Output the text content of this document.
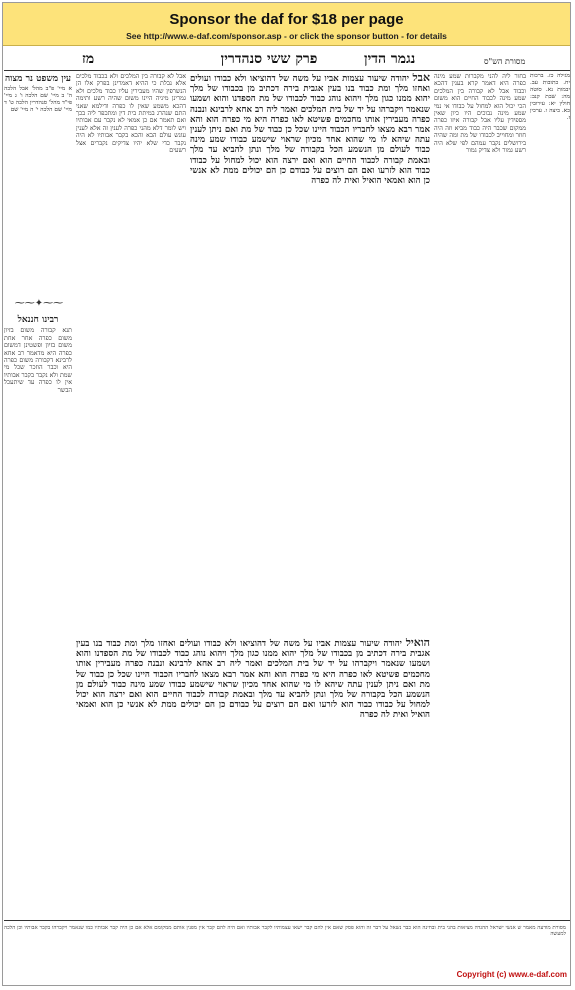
Sponsor the daf for $18 per page
See http://www.e-daf.com/sponsor.asp - or click the sponsor button - for details
מז	פרק ששי סנהדרין	נגמר הדין	מסורת הש"ס
עין משפט נר מצוה
א מיי' פ"ב מהל' אבל הלכה ה' ב מיי' שם הלכה ו' ג מיי' פי"ד מהל' סנהדרין הלכה ט' ד מיי' שם הלכה י' ה מיי' שם
⁓⁓✦⁓⁓
רבינו חננאל
תנא קבורה משום בזיון משום כפרה אחר אחת משום בזיון ופשטינן דמשום כפרה היא מדאמר רב אחא לרבינא דקבורה משום כפרה היא וכבר הוזכר שכל מי שמת ולא נקבר בקבר אבותיו אין לו כפרה עד שיתעכל הבשר
אבל לא קבורה בין המלכים ולא בכבוד מלכים אלא נבלת כי ההיא דאמרינן בפרק אלו הן הנשרפין שהיו מעבירין עליו כבוד מלכים ולא גמרינן מיניה היינו משום שהיה רשע ותימה דהכא משמע שאין לו כפרה ודילמא שאני התם שנהרג במיתת בית דין ומתכפר ליה בכך ואם תאמר אם כן אמאי לא נקבר עם אבותיו ויש לומר דלא מהני כפרה לענין זה אלא לענין עונש עולם הבא והכא בקבר אבותיו לא היה נקבר כדי שלא יהיו צדיקים נקברים אצל רשעים
אבל יהודה שיעור עצמות אביו על משה של דהוציאו ולא כבודו ועולים ואחזו מלך ומת כבוד בנו בעין אגבית בירה דכתיב מן בכבודו של מלך יהוא ממנו כגון מלך ויהוא נוהג כבוד לכבודו של מת הספדנו והוא ושמעו שנאמר ויקברהו על יד של בית המלכים ואמר ליה רב אחא לרבינא ונבנה כפרה מעבירין אותו מחכמים פשיטא לאו כפרה היא מי כפרה הוא והא אמר רבא מצאו לחבריו הכבוד היינו שכל כן כבוד של מת ואם ניתן לענין עתה שיהא לו מי שהוא אחד מכיון שראוי שישמע כבודו שמע מינה כבוד לעולם מן הנשמע הכל בקבורה של מלך ונתן להביא עד מלך ובאמת קבורה לכבוד החיים הוא ואם ירצה הוא יכול למחול על כבודו כבוד הוא לזרעו ואם הם רוצים על כבודם כן הם יכולים ממת לא אנשי כן הוא ואמאי הואיל ואית לה כפרה
בחור ליה להני מקברות שמע מינה כפרה היא דאמר קרא בענין דהכא וכבוד אבל לא קבורה בין המלכים שמע מינה לכבוד החיים הוא משום הכי יכול הוא למחול על כבודו אי נמי שמע מינה נבוכים היו כיון שאין מספידין עליו אבל קבורה איזו כפרה ממקום שכבר היה כבוד מביא וזה היה חוזר ומחוייב לכבודו של מת ומה שהיה בירושלים נקבר עמהם לפי שלא היה רשע גמור ולא צדיק גמור
מגילה כז. ברכות יח. כתובות עב. יבמות נא. סוטה מה: שבת קנב: חולין יא: עירובין כא. ביצה ו. ערכין ז.
הואיל יהודה שיעור עצמות אביו על משה של דהוציאו ולא כבודו ועולים ואחזו מלך ומת כבוד בנו בעין אגבית בירה דכתיב מן בכבודו של מלך יהוא ממנו כגון מלך ויהוא נוהג כבוד לכבודו של מת הספדנו והוא ושמעו שנאמר ויקברהו על יד של בית המלכים ואמר ליה רב אחא לרבינא ונבנה כפרה מעבירין אותו מחכמים פשיטא לאו כפרה היא מי כפרה הוא והא אמר רבא מצאו לחבריו הכבוד היינו שכל כן כבוד של מת ואם ניתן לענין עתה שיהא לו מי שהוא אחד מכיון שראוי שישמע כבודו שמע מינה כבוד לעולם מן הנשמע הכל בקבורה של מלך ונתן להביא עד מלך ובאמת קבורה לכבוד החיים הוא ואם ירצה הוא יכול למחול על כבודו כבוד הוא לזרעו ואם הם רוצים על כבודם כן הם יכולים ממת לא אנשי כן הוא ואמאי הואיל ואית לה כפרה
מסורת מודעה מאמר ש אנשי ישראל ההגדה מציאות בהני בית ובחינה הוא כבר נשאל על דבר זה והוא פסק שאם אין להם קבר ישאו עצמותיו לקבר אבותיו ואם היה להם קבר אין מפנין אותם ממקומם אלא אם כן היה קבר אבותיו כמו שנאמר ויקברהו בקבר אבותיו וכן הלכה למעשה
Copyright (c) www.e-daf.com
